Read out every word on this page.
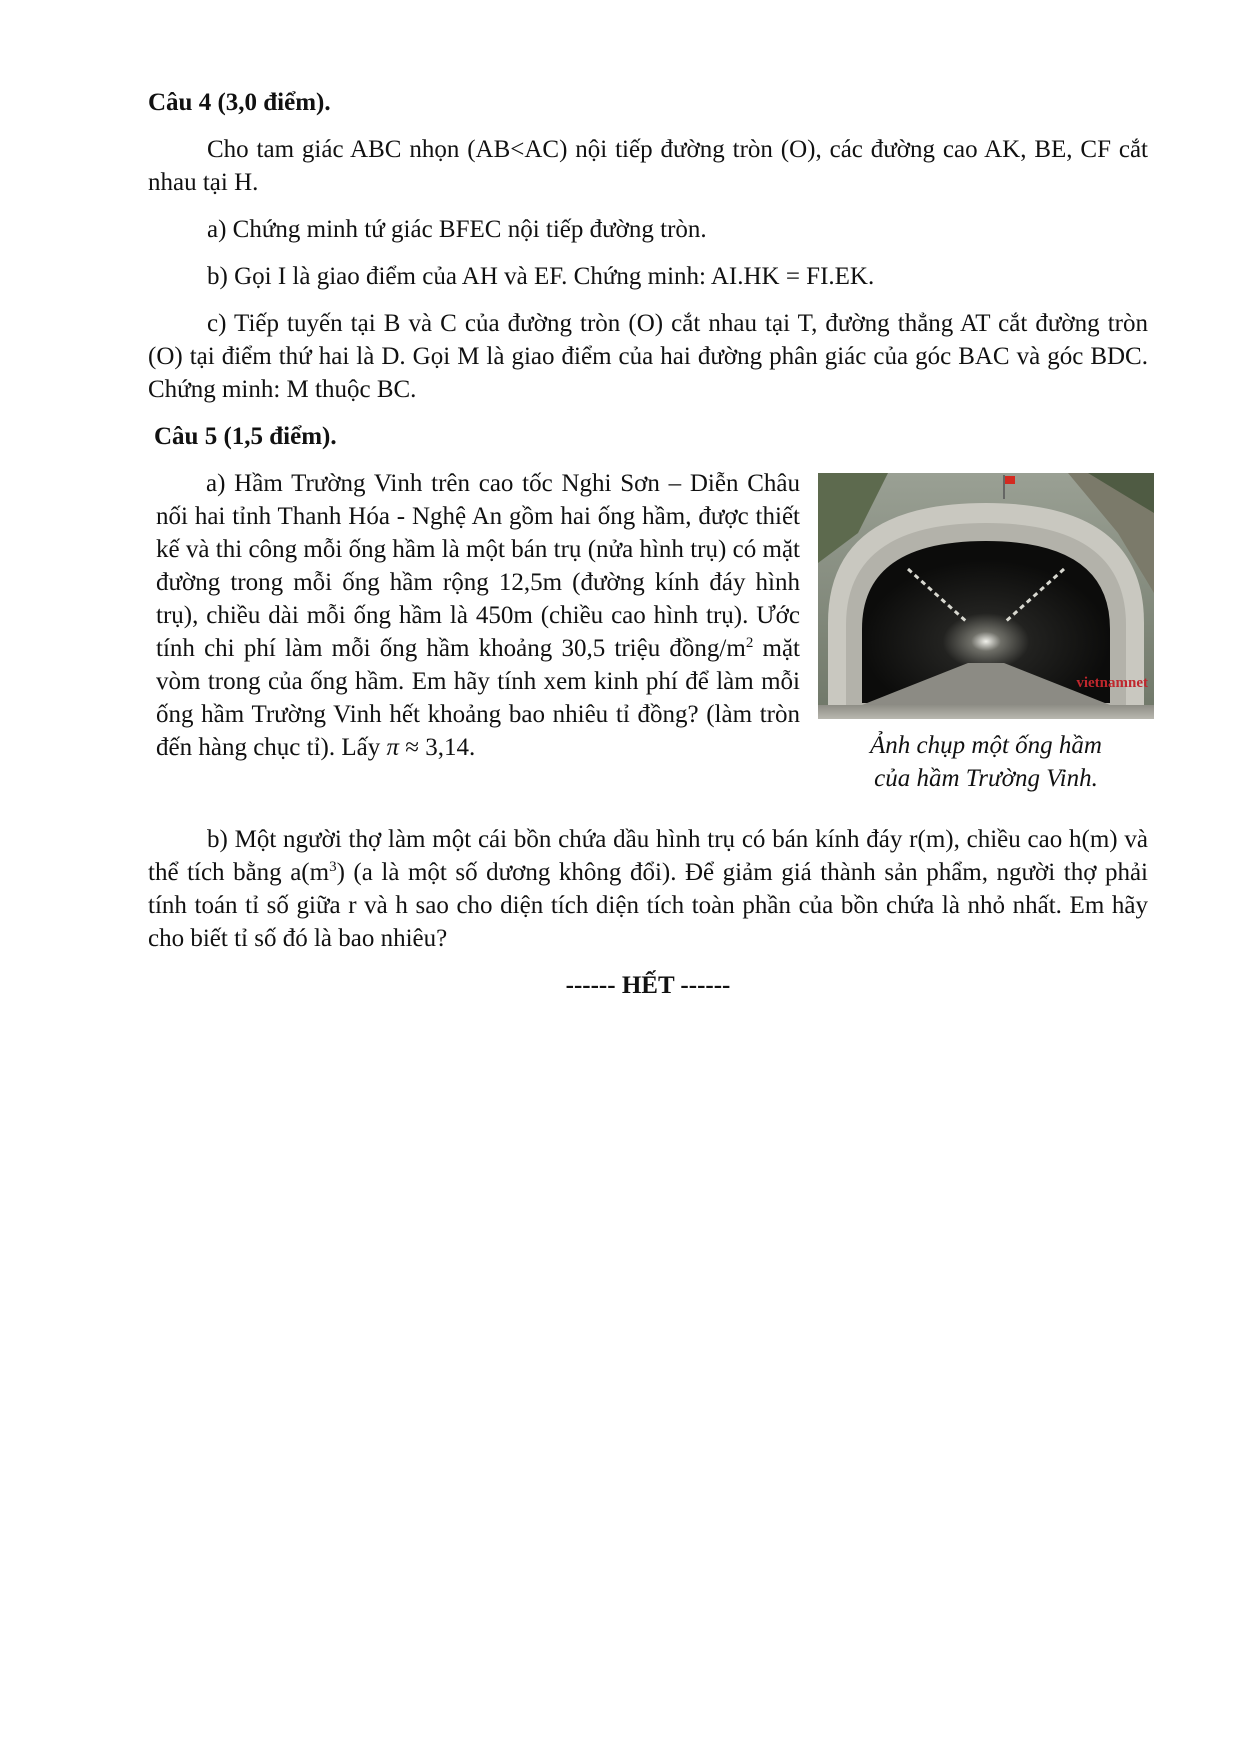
Câu 4 (3,0 điểm).
Cho tam giác ABC nhọn (AB<AC) nội tiếp đường tròn (O), các đường cao AK, BE, CF cắt nhau tại H.
a) Chứng minh tứ giác BFEC nội tiếp đường tròn.
b) Gọi I là giao điểm của AH và EF. Chứng minh: AI.HK = FI.EK.
c) Tiếp tuyến tại B và C của đường tròn (O) cắt nhau tại T, đường thẳng AT cắt đường tròn (O) tại điểm thứ hai là D. Gọi M là giao điểm của hai đường phân giác của góc BAC và góc BDC. Chứng minh: M thuộc BC.
Câu 5 (1,5 điểm).
a) Hầm Trường Vinh trên cao tốc Nghi Sơn – Diễn Châu nối hai tỉnh Thanh Hóa - Nghệ An gồm hai ống hầm, được thiết kế và thi công mỗi ống hầm là một bán trụ (nửa hình trụ) có mặt đường trong mỗi ống hầm rộng 12,5m (đường kính đáy hình trụ), chiều dài mỗi ống hầm là 450m (chiều cao hình trụ). Ước tính chi phí làm mỗi ống hầm khoảng 30,5 triệu đồng/$m^2$ mặt vòm trong của ống hầm. Em hãy tính xem kinh phí để làm mỗi ống hầm Trường Vinh hết khoảng bao nhiêu tỉ đồng? (làm tròn đến hàng chục tỉ). Lấy π ≈ 3,14.
vietnamnet
Ảnh chụp một ống hầm
của hầm Trường Vinh.
b) Một người thợ làm một cái bồn chứa dầu hình trụ có bán kính đáy r(m), chiều cao h(m) và thể tích bằng $a(m^3)$ (a là một số dương không đổi). Để giảm giá thành sản phẩm, người thợ phải tính toán tỉ số giữa r và h sao cho diện tích diện tích toàn phần của bồn chứa là nhỏ nhất. Em hãy cho biết tỉ số đó là bao nhiêu?
------ HẾT ------
